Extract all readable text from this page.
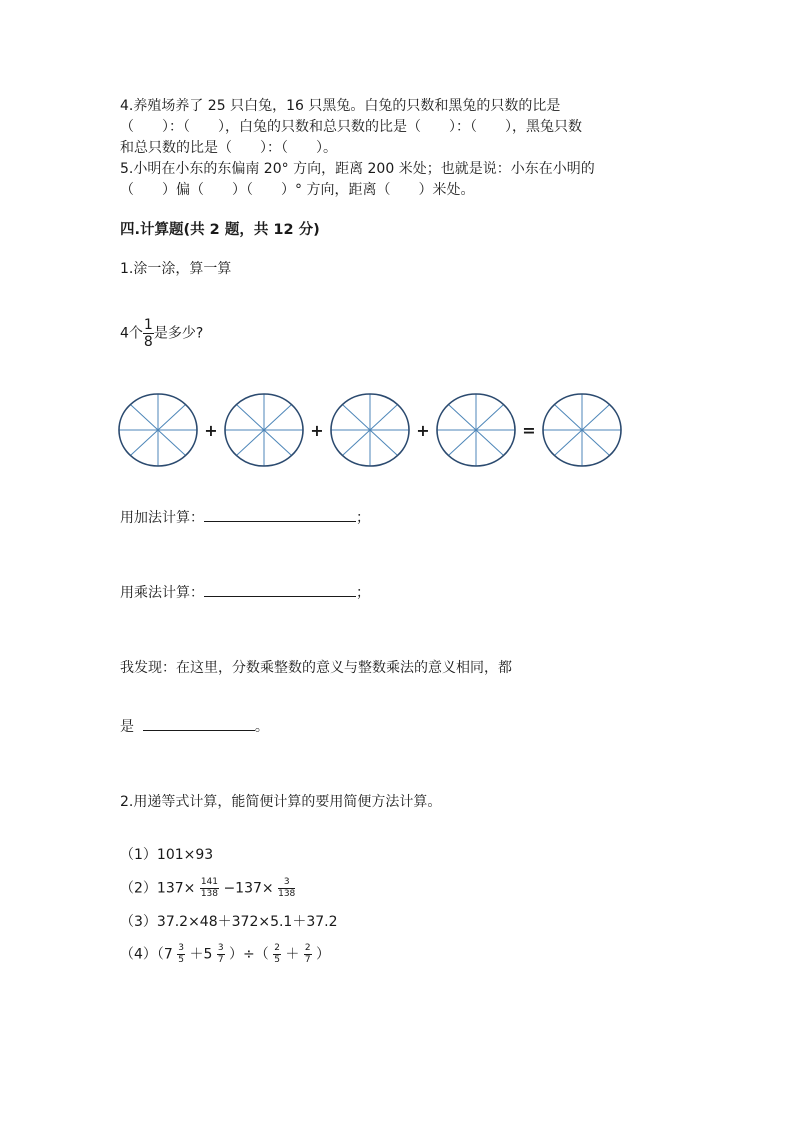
4.养殖场养了 25 只白兔，16 只黑兔。白兔的只数和黑兔的只数的比是
（　　）：（　　），白兔的只数和总只数的比是（　　）：（　　），黑兔只数
和总只数的比是（　　）：（　　）。
5.小明在小东的东偏南 20° 方向，距离 200 米处；也就是说：小东在小明的
（　　）偏（　　）（　　）° 方向，距离（　　）米处。
四.计算题(共 2 题，共 12 分)
1.涂一涂，算一算
4个 $\frac{1}{8}$ 是多少?
+	+	+	=
用加法计算：	；
用乘法计算：	；
我发现：在这里，分数乘整数的意义与整数乘法的意义相同，都
是	。
2.用递等式计算，能简便计算的要用简便方法计算。
（1）101×93
$(2)137\times \frac{141}{138} -137\times \frac{3}{138}$
（3）37.2×48＋372×5.1＋37.2
$(4)(7 \frac{3}{5} +5 \frac{3}{7}$ ）÷（ $\frac{2}{5} + \frac{2}{7}$ ）
